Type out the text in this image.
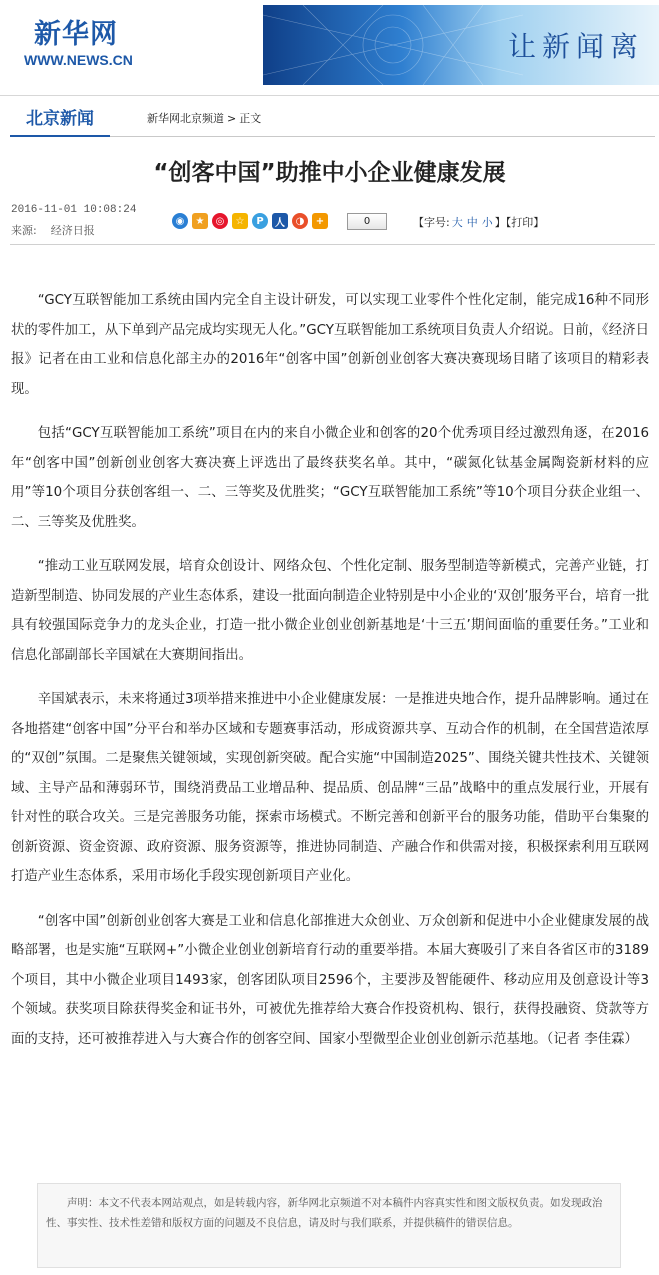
新华网
WWW.NEWS.CN	让新闻离
北京新闻	新华网北京频道 > 正文
“创客中国”助推中小企业健康发展
2016-11-01 10:08:24
来源: 经济日报
◉	★	◎	☆	P	人	◑	+	0	【字号: 大 中 小 】【打印】

“GCY互联智能加工系统由国内完全自主设计研发，可以实现工业零件个性化定制，能完成16种不同形状的零件加工，从下单到产品完成均实现无人化。”GCY互联智能加工系统项目负责人介绍说。日前，《经济日报》记者在由工业和信息化部主办的2016年“创客中国”创新创业创客大赛决赛现场目睹了该项目的精彩表现。

包括“GCY互联智能加工系统”项目在内的来自小微企业和创客的20个优秀项目经过激烈角逐，在2016年“创客中国”创新创业创客大赛决赛上评选出了最终获奖名单。其中，“碳氮化钛基金属陶瓷新材料的应用”等10个项目分获创客组一、二、三等奖及优胜奖；“GCY互联智能加工系统”等10个项目分获企业组一、二、三等奖及优胜奖。

“推动工业互联网发展，培育众创设计、网络众包、个性化定制、服务型制造等新模式，完善产业链，打造新型制造、协同发展的产业生态体系，建设一批面向制造企业特别是中小企业的‘双创’服务平台，培育一批具有较强国际竞争力的龙头企业，打造一批小微企业创业创新基地是‘十三五’期间面临的重要任务。”工业和信息化部副部长辛国斌在大赛期间指出。

辛国斌表示，未来将通过3项举措来推进中小企业健康发展：一是推进央地合作，提升品牌影响。通过在各地搭建“创客中国”分平台和举办区域和专题赛事活动，形成资源共享、互动合作的机制，在全国营造浓厚的“双创”氛围。二是聚焦关键领域，实现创新突破。配合实施“中国制造2025”、围绕关键共性技术、关键领域、主导产品和薄弱环节，围绕消费品工业增品种、提品质、创品牌“三品”战略中的重点发展行业，开展有针对性的联合攻关。三是完善服务功能，探索市场模式。不断完善和创新平台的服务功能，借助平台集聚的创新资源、资金资源、政府资源、服务资源等，推进协同制造、产融合作和供需对接，积极探索利用互联网打造产业生态体系，采用市场化手段实现创新项目产业化。

“创客中国”创新创业创客大赛是工业和信息化部推进大众创业、万众创新和促进中小企业健康发展的战略部署，也是实施“互联网+”小微企业创业创新培育行动的重要举措。本届大赛吸引了来自各省区市的3189个项目，其中小微企业项目1493家，创客团队项目2596个，主要涉及智能硬件、移动应用及创意设计等3个领域。获奖项目除获得奖金和证书外，可被优先推荐给大赛合作投资机构、银行，获得投融资、贷款等方面的支持，还可被推荐进入与大赛合作的创客空间、国家小型微型企业创业创新示范基地。（记者 李佳霖）

声明：本文不代表本网站观点，如是转载内容，新华网北京频道不对本稿件内容真实性和图文版权负责。如发现政治性、事实性、技术性差错和版权方面的问题及不良信息，请及时与我们联系，并提供稿件的错误信息。
